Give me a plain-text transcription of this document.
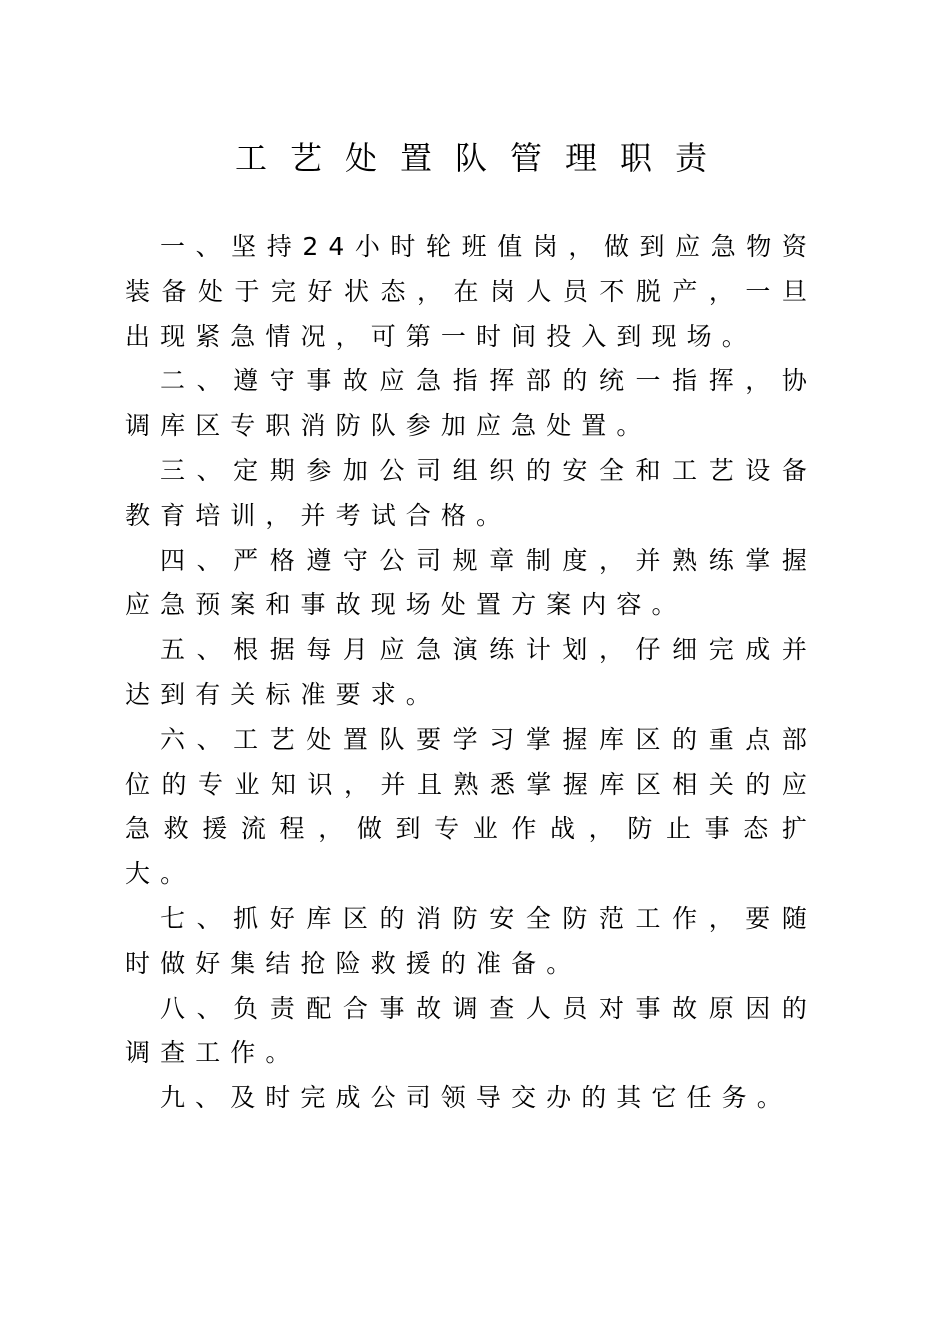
工艺处置队管理职责

一、坚持24小时轮班值岗，做到应急物资装备处于完好状态，在岗人员不脱产，一旦出现紧急情况，可第一时间投入到现场。

二、遵守事故应急指挥部的统一指挥，协调库区专职消防队参加应急处置。

三、定期参加公司组织的安全和工艺设备教育培训，并考试合格。

四、严格遵守公司规章制度，并熟练掌握应急预案和事故现场处置方案内容。

五、根据每月应急演练计划，仔细完成并达到有关标准要求。

六、工艺处置队要学习掌握库区的重点部位的专业知识，并且熟悉掌握库区相关的应急救援流程，做到专业作战，防止事态扩大。

七、抓好库区的消防安全防范工作，要随时做好集结抢险救援的准备。

八、负责配合事故调查人员对事故原因的调查工作。

九、及时完成公司领导交办的其它任务。
